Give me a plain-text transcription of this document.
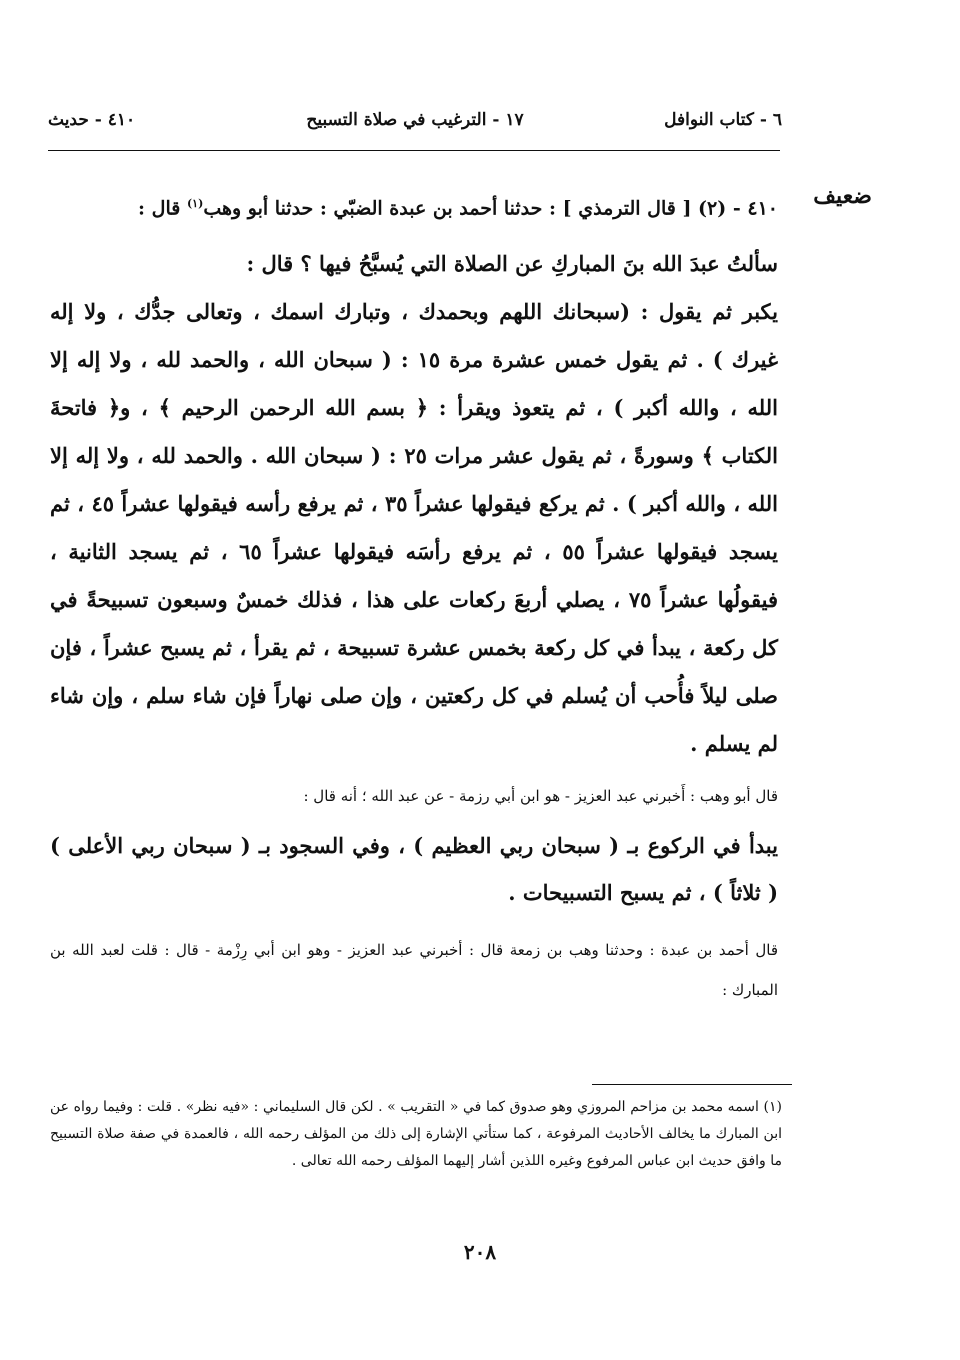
٦ - كتاب النوافل
١٧ - الترغيب في صلاة التسبيح
٤١٠ - حديث
ضعيف

٤١٠ - (٢) [ قال الترمذي ] : حدثنا أحمد بن عبدة الضبّي : حدثنا أبو وهب$^{(١)}$ قال :

سألتُ عبدَ الله بنَ المباركِ عن الصلاة التي يُسبَّحُ فيها ؟ قال :

يكبر ثم يقول : (سبحانك اللهم وبحمدك ، وتبارك اسمك ، وتعالى جدُّك ، ولا إله غيرك ) . ثم يقول خمس عشرة مرة ١٥ : ( سبحان الله ، والحمد لله ، ولا إله إلا الله ، والله أكبر ) ، ثم يتعوذ ويقرأ : ﴿ بسم الله الرحمن الرحيم ﴾ ، و﴿ فاتحةَ الكتاب ﴾ وسورةً ، ثم يقول عشر مرات ٢٥ : ( سبحان الله . والحمد لله ، ولا إله إلا الله ، والله أكبر ) . ثم يركع فيقولها عشراً ٣٥ ، ثم يرفع رأسه فيقولها عشراً ٤٥ ، ثم يسجد فيقولها عشراً ٥٥ ، ثم يرفع رأسَه فيقولها عشراً ٦٥ ، ثم يسجد الثانية ، فيقولُها عشراً ٧٥ ، يصلي أربعَ ركعات على هذا ، فذلك خمسٌ وسبعون تسبيحةً في كل ركعة ، يبدأ في كل ركعة بخمس عشرة تسبيحة ، ثم يقرأ ، ثم يسبح عشراً ، فإن صلى ليلاً فأُحب أن يُسلم في كل ركعتين ، وإن صلى نهاراً فإن شاء سلم ، وإن شاء لم يسلم .

قال أبو وهب : أَخبرني عبد العزيز - هو ابن أبي رزمة - عن عبد الله ؛ أنه قال :

يبدأ في الركوع بـ ( سبحان ربي العظيم ) ، وفي السجود بـ ( سبحان ربي الأعلى ) ( ثلاثاً ) ، ثم يسبح التسبيحات .

قال أحمد بن عبدة : وحدثنا وهب بن زمعة قال : أخبرني عبد العزيز - وهو ابن أبي رِزْمة - قال : قلت لعبد الله بن المبارك :

(١) اسمه محمد بن مزاحم المروزي وهو صدوق كما في « التقريب » . لكن قال السليماني : «فيه نظر» . قلت : وفيما رواه عن ابن المبارك ما يخالف الأحاديث المرفوعة ، كما ستأتي الإشارة إلى ذلك من المؤلف رحمه الله ، فالعمدة في صفة صلاة التسبيح ما وافق حديث ابن عباس المرفوع وغيره اللذين أشار إليهما المؤلف رحمه الله تعالى .

٢٠٨
